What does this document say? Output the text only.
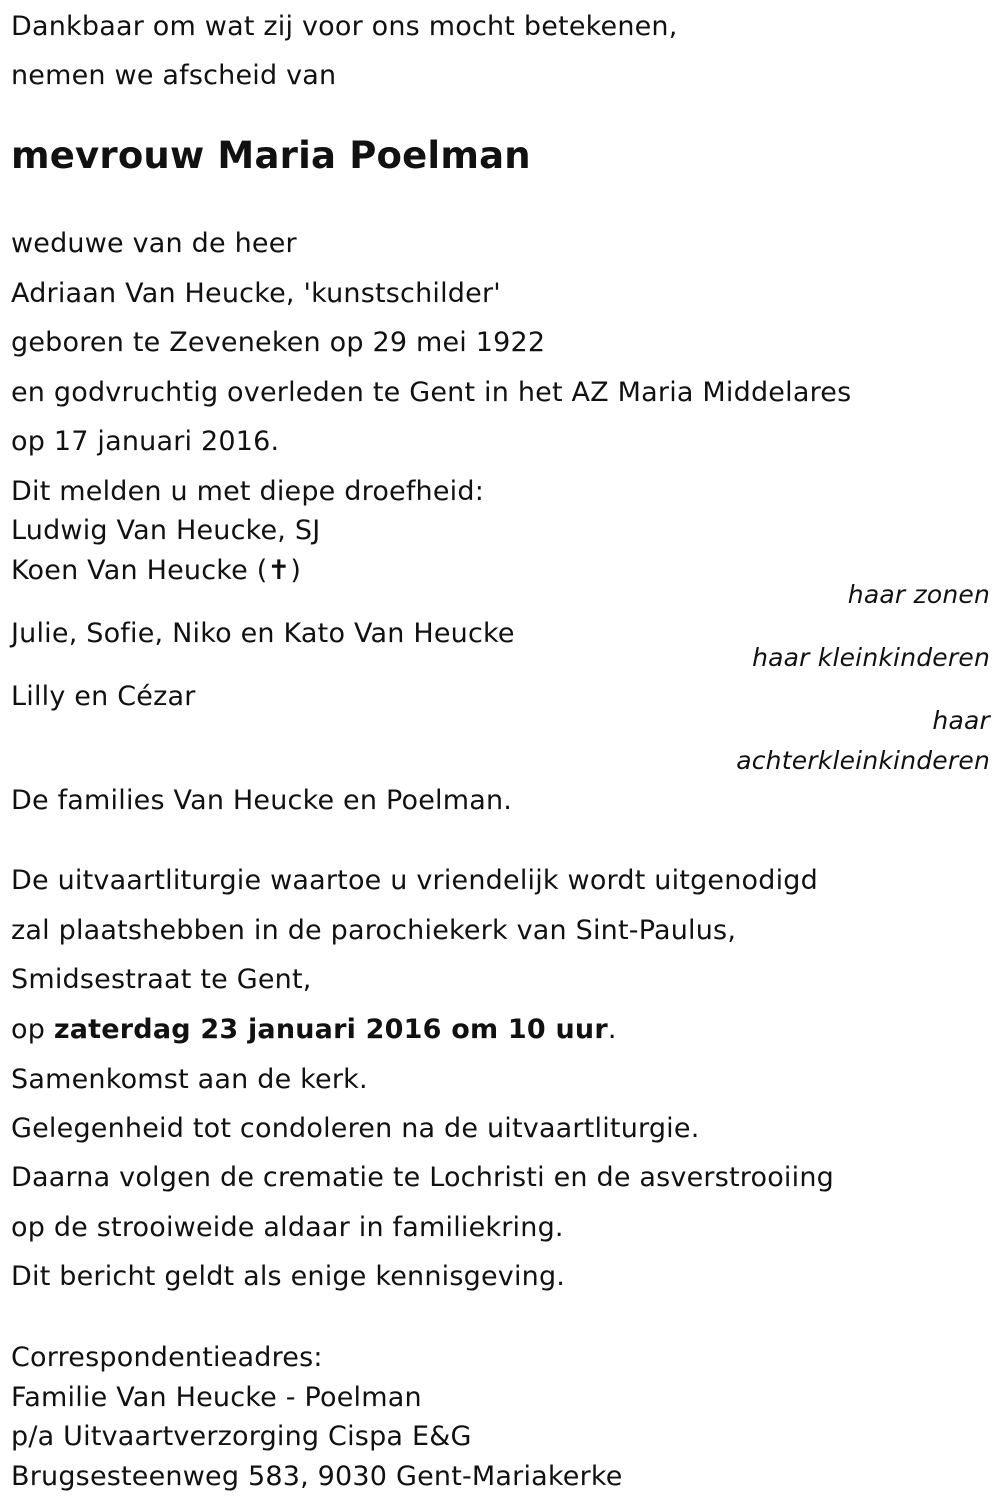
Dankbaar om wat zij voor ons mocht betekenen,
nemen we afscheid van
mevrouw Maria Poelman
weduwe van de heer
Adriaan Van Heucke, 'kunstschilder'
geboren te Zeveneken op 29 mei 1922
en godvruchtig overleden te Gent in het AZ Maria Middelares
op 17 januari 2016.
Dit melden u met diepe droefheid:
Ludwig Van Heucke, SJ
Koen Van Heucke (✝)
haar zonen
Julie, Sofie, Niko en Kato Van Heucke
haar kleinkinderen
Lilly en Cézar
haar
achterkleinkinderen
De families Van Heucke en Poelman.
De uitvaartliturgie waartoe u vriendelijk wordt uitgenodigd
zal plaatshebben in de parochiekerk van Sint-Paulus,
Smidsestraat te Gent,
op zaterdag 23 januari 2016 om 10 uur.
Samenkomst aan de kerk.
Gelegenheid tot condoleren na de uitvaartliturgie.
Daarna volgen de crematie te Lochristi en de asverstrooiing
op de strooiweide aldaar in familiekring.
Dit bericht geldt als enige kennisgeving.
Correspondentieadres:
Familie Van Heucke - Poelman
p/a Uitvaartverzorging Cispa E&G
Brugsesteenweg 583, 9030 Gent-Mariakerke
